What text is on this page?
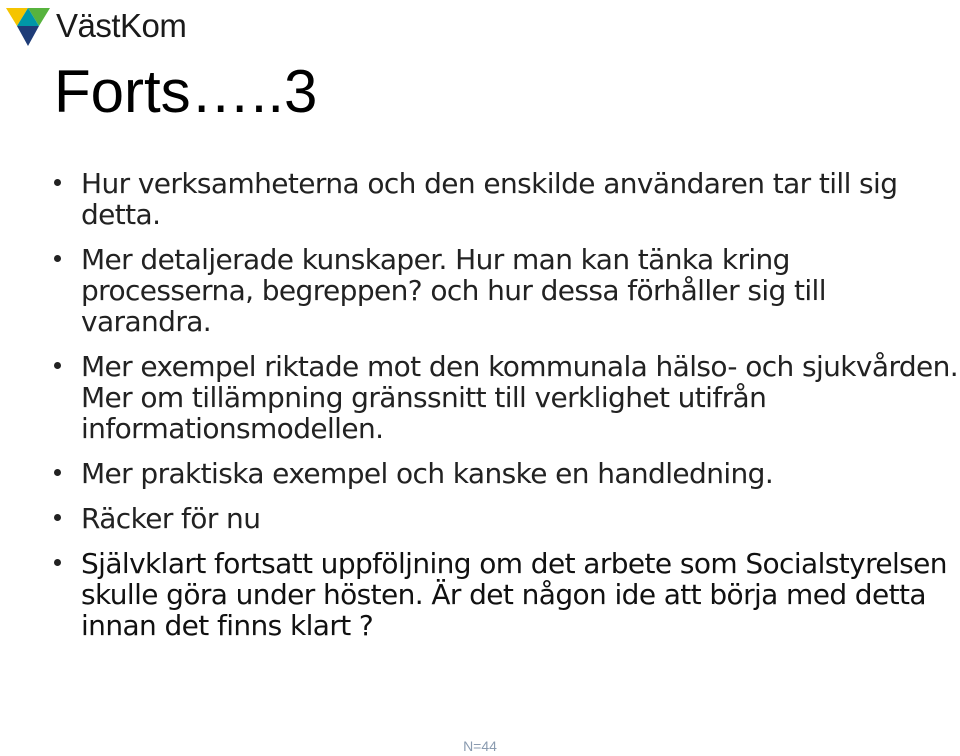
VästKom
Forts…..3
Hur verksamheterna och den enskilde användaren tar till sig detta.
Mer detaljerade kunskaper. Hur man kan tänka kring processerna, begreppen? och hur dessa förhåller sig till varandra.
Mer exempel riktade mot den kommunala hälso- och sjukvården. Mer om tillämpning gränssnitt till verklighet utifrån informationsmodellen.
Mer praktiska exempel och kanske en handledning.
Räcker för nu
Självklart fortsatt uppföljning om det arbete som Socialstyrelsen skulle göra under hösten. Är det någon ide att börja med detta innan det finns klart ?
N=44
